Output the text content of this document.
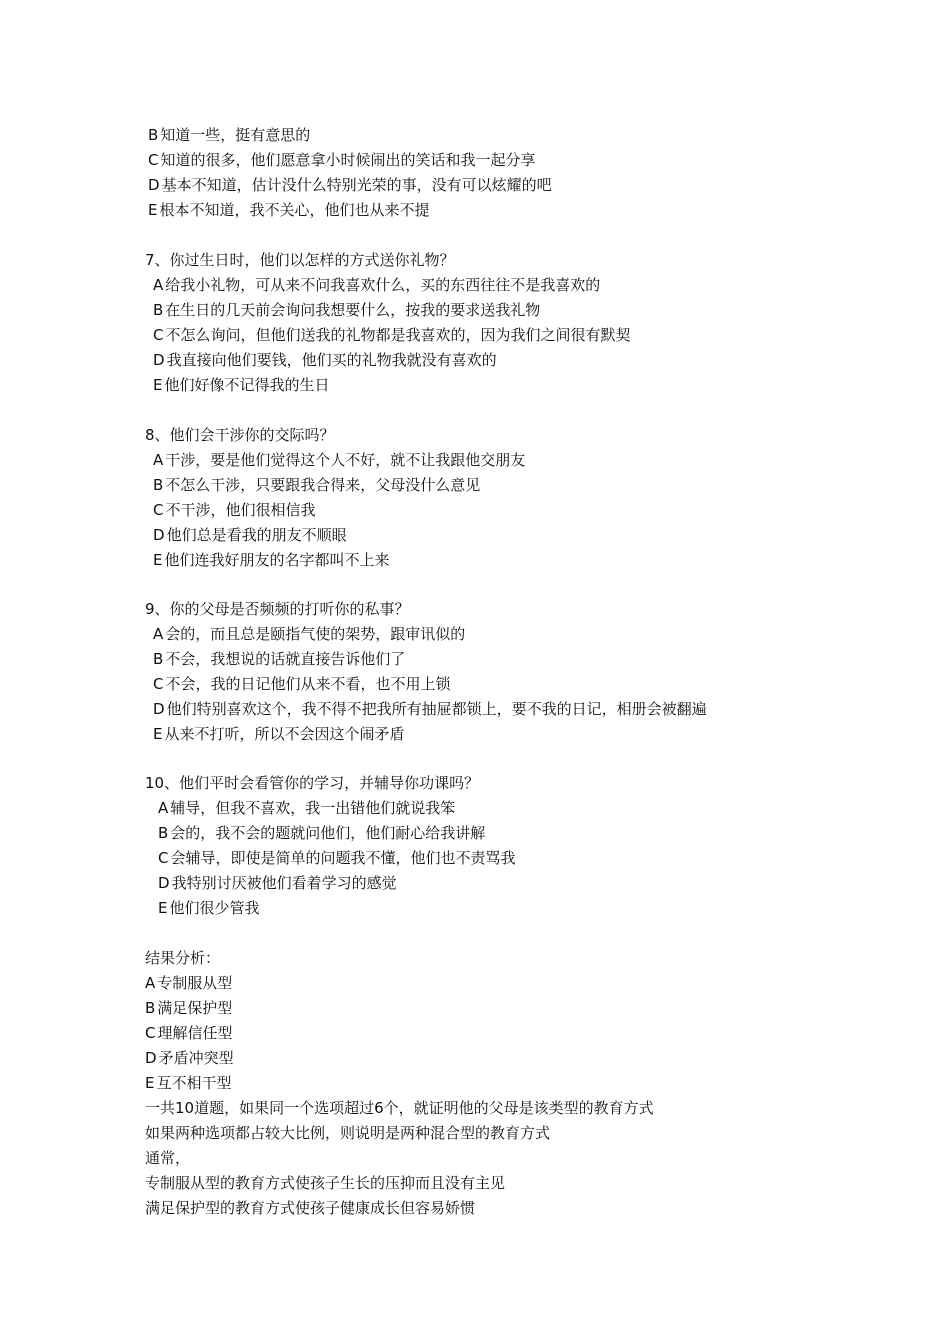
B 知道一些，挺有意思的
C 知道的很多，他们愿意拿小时候闹出的笑话和我一起分享
D 基本不知道，估计没什么特别光荣的事，没有可以炫耀的吧
E 根本不知道，我不关心，他们也从来不提
7、你过生日时，他们以怎样的方式送你礼物？
A 给我小礼物，可从来不问我喜欢什么，买的东西往往不是我喜欢的
B 在生日的几天前会询问我想要什么，按我的要求送我礼物
C 不怎么询问，但他们送我的礼物都是我喜欢的，因为我们之间很有默契
D 我直接向他们要钱，他们买的礼物我就没有喜欢的
E 他们好像不记得我的生日
8、他们会干涉你的交际吗？
A 干涉，要是他们觉得这个人不好，就不让我跟他交朋友
B 不怎么干涉，只要跟我合得来，父母没什么意见
C 不干涉，他们很相信我
D 他们总是看我的朋友不顺眼
E 他们连我好朋友的名字都叫不上来
9、你的父母是否频频的打听你的私事？
A 会的，而且总是颐指气使的架势，跟审讯似的
B 不会，我想说的话就直接告诉他们了
C 不会，我的日记他们从来不看，也不用上锁
D 他们特别喜欢这个，我不得不把我所有抽屉都锁上，要不我的日记，相册会被翻遍
E 从来不打听，所以不会因这个闹矛盾
10、他们平时会看管你的学习，并辅导你功课吗？
A 辅导，但我不喜欢，我一出错他们就说我笨
B 会的，我不会的题就问他们，他们耐心给我讲解
C 会辅导，即使是简单的问题我不懂，他们也不责骂我
D 我特别讨厌被他们看着学习的感觉
E 他们很少管我
结果分析：
A 专制服从型
B 满足保护型
C 理解信任型
D 矛盾冲突型
E 互不相干型
一共10道题，如果同一个选项超过6个，就证明他的父母是该类型的教育方式
如果两种选项都占较大比例，则说明是两种混合型的教育方式
通常，
专制服从型的教育方式使孩子生长的压抑而且没有主见
满足保护型的教育方式使孩子健康成长但容易娇惯
